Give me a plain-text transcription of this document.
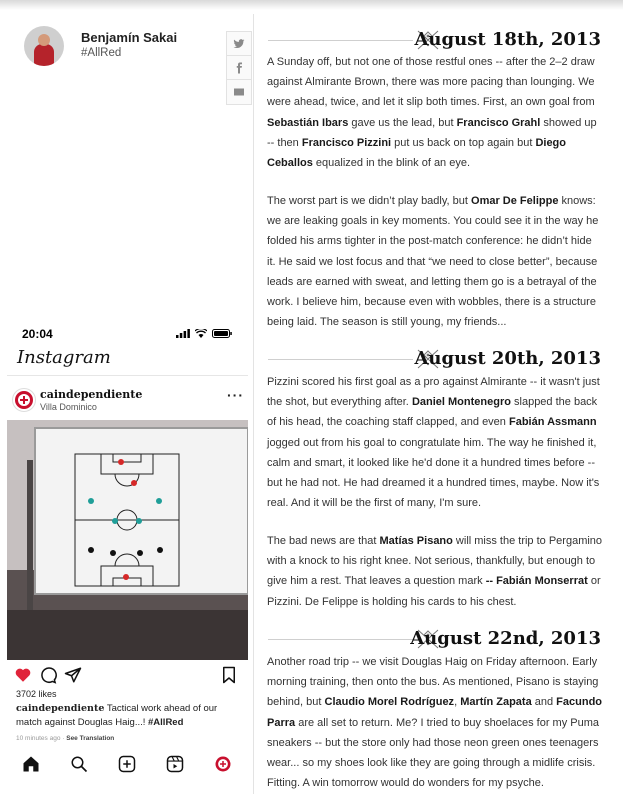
Benjamín Sakai
#AllRed
August 18th, 2013

A Sunday off, but not one of those restful ones -- after the 2–2 draw against Almirante Brown, there was more pacing than lounging. We were ahead, twice, and let it slip both times. First, an own goal from Sebastián Ibars gave us the lead, but Francisco Grahl showed up -- then Francisco Pizzini put us back on top again but Diego Ceballos equalized in the blink of an eye.

The worst part is we didn’t play badly, but Omar De Felippe knows: we are leaking goals in key moments. You could see it in the way he folded his arms tighter in the post-match conference: he didn’t hide it. He said we lost focus and that “we need to close better”, because leads are earned with sweat, and letting them go is a betrayal of the work. I believe him, because even with wobbles, there is a structure being laid. The season is still young, my friends...

August 20th, 2013

Pizzini scored his first goal as a pro against Almirante -- it wasn't just the shot, but everything after. Daniel Montenegro slapped the back of his head, the coaching staff clapped, and even Fabián Assmann jogged out from his goal to congratulate him. The way he finished it, calm and smart, it looked like he'd done it a hundred times before -- but he had not. He had dreamed it a hundred times, maybe. Now it's real. And it will be the first of many, I'm sure.

The bad news are that Matías Pisano will miss the trip to Pergamino with a knock to his right knee. Not serious, thankfully, but enough to give him a rest. That leaves a question mark -- Fabián Monserrat or Pizzini. De Felippe is holding his cards to his chest.

August 22nd, 2013

Another road trip -- we visit Douglas Haig on Friday afternoon. Early morning training, then onto the bus. As mentioned, Pisano is staying behind, but Claudio Morel Rodríguez, Martín Zapata and Facundo Parra are all set to return. Me? I tried to buy shoelaces for my Puma sneakers -- but the store only had those neon green ones teenagers wear... so my shoes look like they are going through a midlife crisis. Fitting. A win tomorrow would do wonders for my psyche.

20:04
Instagram
caindependiente
Villa Dominico
···
3702 likes
caindependiente Tactical work ahead of our match against Douglas Haig...! #AllRed
10 minutes ago · See Translation
